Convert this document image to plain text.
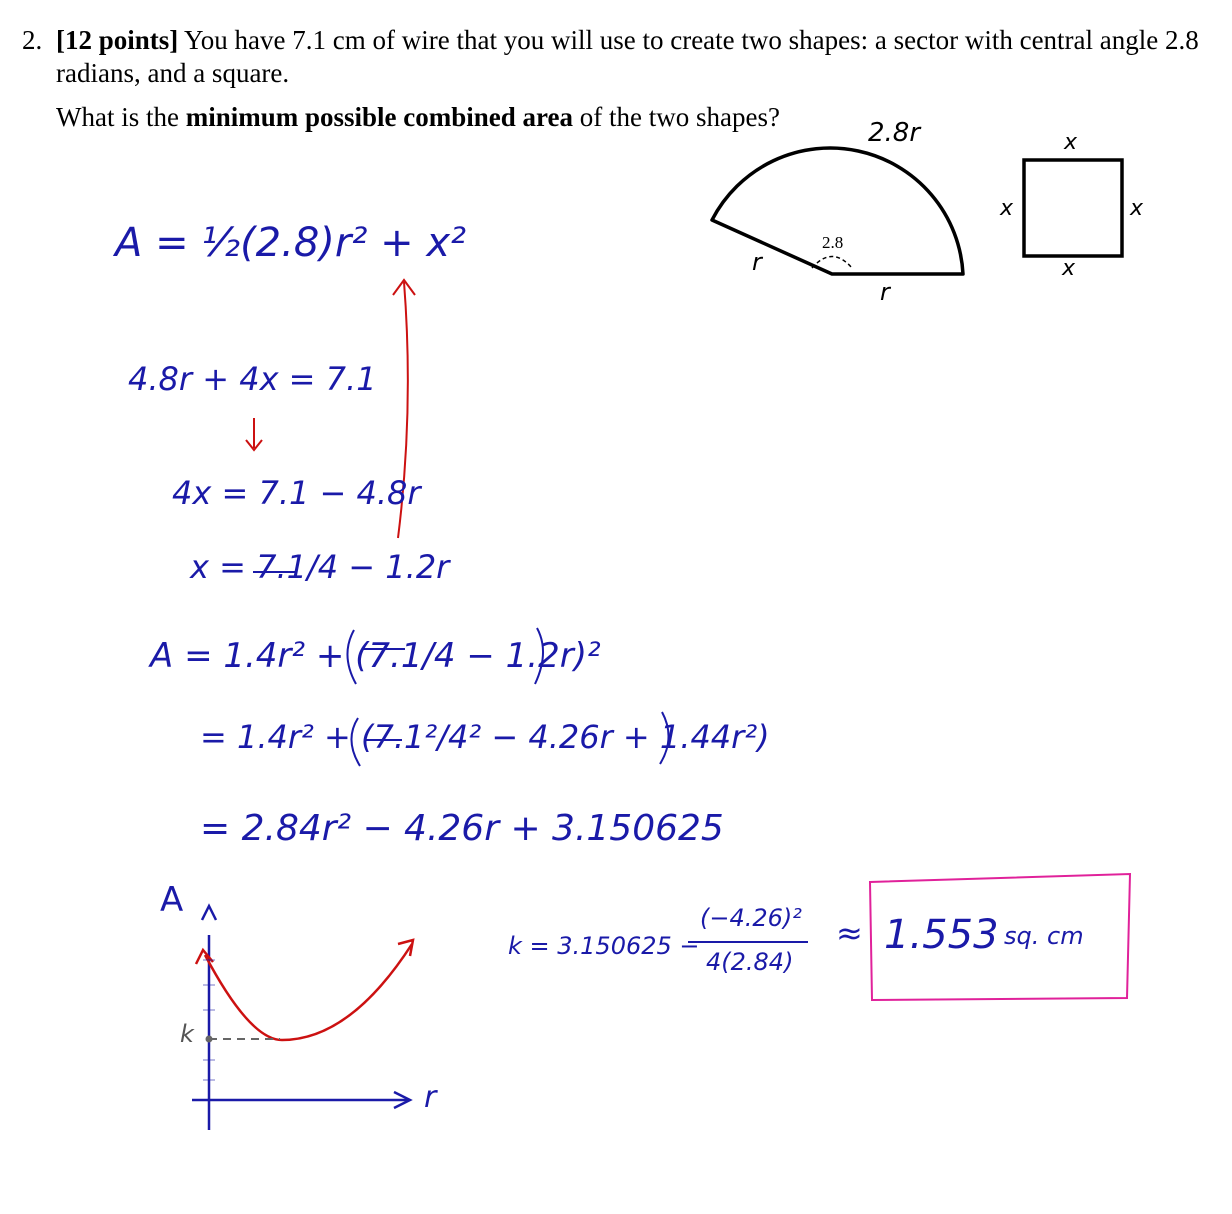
2. [12 points] You have 7.1 cm of wire that you will use to create two shapes: a sector with central angle 2.8 radians, and a square.
What is the minimum possible combined area of the two shapes?
2.8r
2.8
r
r
x
x	x
x
A = ½(2.8)r² + x²
4.8r + 4x = 7.1
4x = 7.1 − 4.8r
x = 7.1/4 − 1.2r
A = 1.4r² + (7.1/4 − 1.2r)²
= 1.4r² + (7.1²/4² − 4.26r + 1.44r²)
= 2.84r² − 4.26r + 3.150625
A
r
k
k = 3.150625 −
(−4.26)²
4(2.84)
≈ 1.553 sq. cm
